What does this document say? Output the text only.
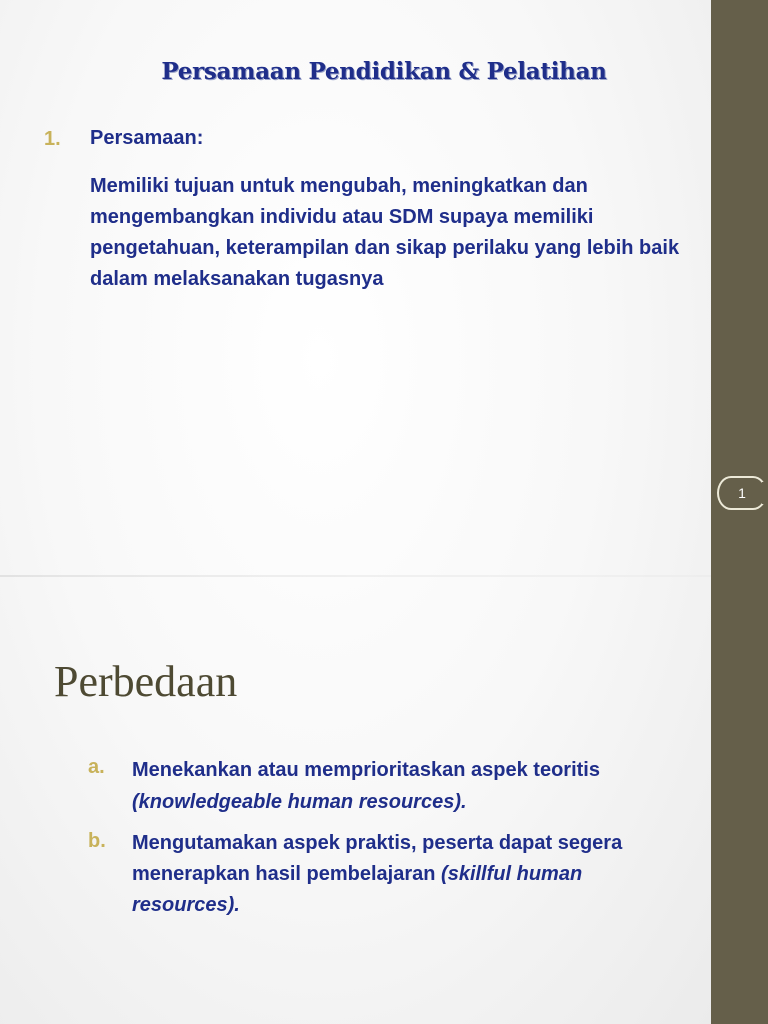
1
Persamaan Pendidikan & Pelatihan
1. Persamaan:
Memiliki tujuan untuk mengubah, meningkatkan dan mengembangkan individu atau SDM supaya memiliki pengetahuan, keterampilan dan sikap perilaku yang lebih baik dalam melaksanakan tugasnya
Perbedaan
a. Menekankan atau memprioritaskan aspek teoritis
(knowledgeable human resources).
b. Mengutamakan aspek praktis, peserta dapat segera menerapkan hasil pembelajaran (skillful human resources).
